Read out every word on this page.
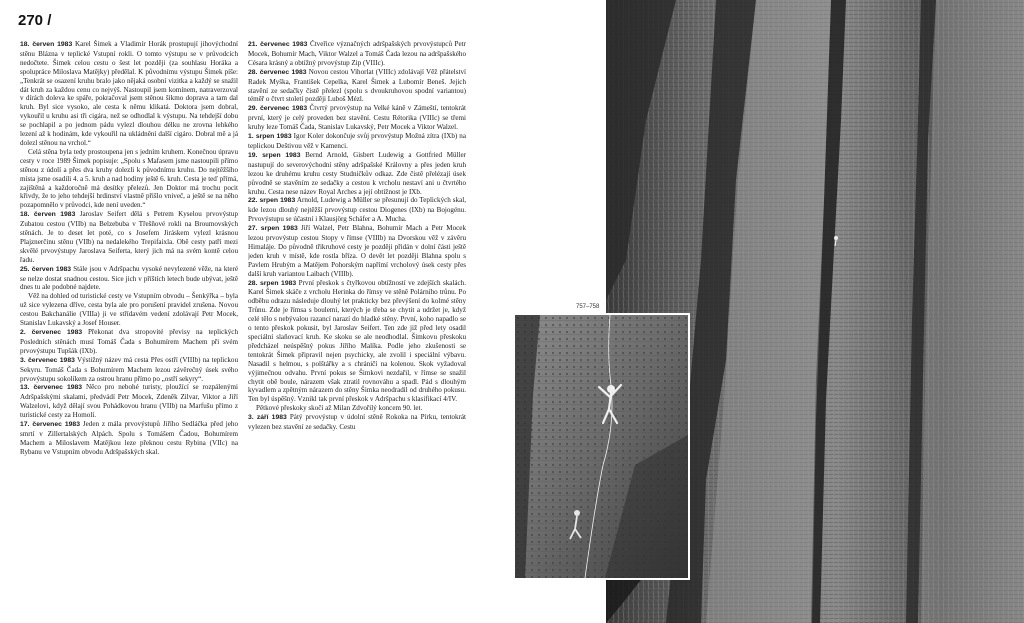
270 /

18. červen 1983 Karel Šimek a Vladimír Horák prostupují jihovýchodní stěnu Blázna v teplické Vstupní rokli. O tomto výstupu se v průvodcích nedočtete. Šimek celou cestu o šest let později (za souhlasu Horáka a spolupráce Miloslava Matějky) předělal. K původnímu výstupu Šimek píše: „Tenkrát se osazení kruhu bralo jako nějaká osobní vizitka a každý se snažil dát kruh za každou cenu co nejvýš. Nastoupil jsem komínem, natraverzoval v dírách doleva ke spáře, pokračoval jsem stěnou šikmo doprava a tam dal kruh. Byl sice vysoko, ale cesta k němu klikatá. Doktora jsem dobral, vykouřil u kruhu asi tři cigára, než se odhodlal k výstupu. Na tehdejší dobu se pochlapil a po jednom pádu vylezl dlouhou délku ne zrovna lehkého lezení až k hodinám, kde vykouřil na ukládnění další cigáro. Dobral mě a já dolezl stěnou na vrchol.“

Celá stěna byla tedy prostoupena jen s jedním kruhem. Konečnou úpravu cesty v roce 1989 Šimek popisuje: „Spolu s Mafasem jsme nastoupili přímo stěnou z údolí a přes dva kruhy dolezli k původnímu kruhu. Do nejtěžšího místa jsme osadili 4. a 5. kruh a nad hodiny ještě 6. kruh. Cesta je teď přímá, zajištěná a každoročně má desítky přelezů. Jen Doktor má trochu pocit křivdy, že to jeho tehdejší hrdinství vlastně přišlo vniveč, a ještě se na něho pozapomnělo v průvodci, kde není uveden.“

18. červen 1983 Jaroslav Seifert dělá s Petrem Kyselou prvovýstup Zubatou cestou (VIIb) na Belzebuba v Třešňové rokli na Broumovských stěnách. Je to deset let poté, co s Josefem Jiráskem vylezl krásnou Plajznerčinu stěnu (VIIb) na nedalekého Trepifaixla. Obě cesty patří mezi skvělé prvovýstupy Jaroslava Seiferta, který jich má na svém kontě celou řadu.

25. červen 1983 Stále jsou v Adršpachu vysoké nevylezené věže, na které se nelze dostat snadnou cestou. Sice jich v příštích letech bude ubývat, ještě dnes tu ale podobné najdete.

Věž na dohled od turistické cesty ve Vstupním obvodu – Šenkýřka – byla už sice vylezena dříve, cesta byla ale pro porušení pravidel zrušena. Novou cestou Bakchanálie (VIIIa) ji ve střídavém vedení zdolávají Petr Mocek, Stanislav Lukavský a Josef Houser.

2. červenec 1983 Překonat dva stropovité převisy na teplických Posledních stěnách musí Tomáš Čada s Bohumírem Machem při svém prvovýstupu Tupšák (IXb).

3. červenec 1983 Výstižný název má cesta Přes ostří (VIIIb) na teplickou Sekyru. Tomáš Čada s Bohumírem Machem lezou závěrečný úsek svého prvovýstupu sokolíkem za ostrou hranu přímo po „ostří sekyry“.

13. červenec 1983 Něco pro nebohé turisty, ploužící se rozpálenými Adršpašskými skalami, předvádí Petr Mocek, Zdeněk Zilvar, Viktor a Jiří Walzelovi, když dělají svou Pohádkovou hranu (VIIb) na Marfušu přímo z turistické cesty za Homolí.

17. červenec 1983 Jeden z mála prvovýstupů Jiřího Sedláčka před jeho smrtí v Zillertalských Alpách. Spolu s Tomášem Čadou, Bohumírem Machem a Miloslavem Matějkou leze překnou cestu Rybina (VIIc) na Rybanu ve Vstupním obvodu Adršpašských skal.

21. červenec 1983 Čtveřice význačných adršpašských prvovýstupců Petr Mocek, Bohumír Mach, Viktor Walzel a Tomáš Čada lezou na adršpašského Césara krásný a obtížný prvovýstup Zip (VIIIc).

28. červenec 1983 Novou cestou Vihorlat (VIIIc) zdolávají Věž přátelství Radek Myška, František Cepelka, Karel Šimek a Lubomír Beneš. Jejich stavění ze sedačky čistě přelezl (spolu s dvoukruhovou spodní variantou) téměř o čtvrt století později Luboš Mézl.

29. červenec 1983 Čtvrtý prvovýstup na Velké káně v Zámeští, tentokrát první, který je celý proveden bez stavění. Cestu Rétorika (VIIIc) se třemi kruhy leze Tomáš Čada, Stanislav Lukavský, Petr Mocek a Viktor Walzel.

1. srpen 1983 Igor Koler dokončuje svůj prvovýstup Možná zítra (IXb) na teplickou Deštivou věž v Kamenci.

19. srpen 1983 Bernd Arnold, Gisbert Ludewig a Gottfried Müller nastupují do severovýchodní stěny adršpašské Královny a přes jeden kruh lezou ke druhému kruhu cesty Studničkův odkaz. Zde čistě přelézají úsek původně se stavěním ze sedačky a cestou k vrcholu nestaví ani u čtvrtého kruhu. Cesta nese název Royal Arches a její obtížnost je IXb.

22. srpen 1983 Arnold, Ludewig a Müller se přesunují do Teplických skal, kde lezou dlouhý nejtěžší prvovýstup cestou Diogenes (IXb) na Bojogénu. Prvovýstupu se účastní i Klausjörg Schäfer a A. Mucha.

27. srpen 1983 Jiří Walzel, Petr Blahna, Bohumír Mach a Petr Mocek lezou prvovýstup cestou Stopy v římse (VIIIb) na Dvorskou věž v závěru Himaláje. Do původně třikruhové cesty je později přidán v dolní části ještě jeden kruh v místě, kde rostla bříza. O devět let později Blahna spolu s Pavlem Hrubým a Matějem Pohorským napřímí vrcholový úsek cesty přes další kruh variantou Laibach (VIIIb).

28. srpen 1983 První přeskok s čtyřkovou obtížností ve zdejších skalách. Karel Šimek skáče z vrcholu Herinka do římsy ve stěně Polárního trůnu. Po odběhu odrazu následuje dlouhý let prakticky bez převýšení do kolmé stěny Trůnu. Zde je římsa s boulemi, kterých je třeba se chytit a udržet je, když celé tělo s nebývalou razancí narazí do hladké stěny. První, koho napadlo se o tento přeskok pokusit, byl Jaroslav Seifert. Ten zde již před lety osadil speciální slaňovací kruh. Ke skoku se ale neodhodlal. Šimkovu přeskoku předcházel neúspěšný pokus Jiřího Malíka. Podle jeho zkušenosti se tentokrát Šimek připravil nejen psychicky, ale zvolil i speciální výbavu. Nasadil s helmou, s polštářky a s chráničí na kolenou. Skok vyžadoval výjimečnou odvahu. První pokus se Šimkovi nezdařil, v římse se snažil chytit obě boule, nárazem však ztratil rovnováhu a spadl. Pád s dlouhým kyvadlem a zpětným nárazem do stěny Šimka neodradil od druhého pokusu. Ten byl úspěšný. Vznikl tak první přeskok v Adršpachu s klasifikací 4/IV.

Pětkové přeskoky skočí až Milan Zdvořilý koncem 90. let.

3. září 1983 Pátý prvovýstup v údolní stěně Rokoka na Pírku, tentokrát vylezen bez stavění ze sedačky. Cestu

757–758
